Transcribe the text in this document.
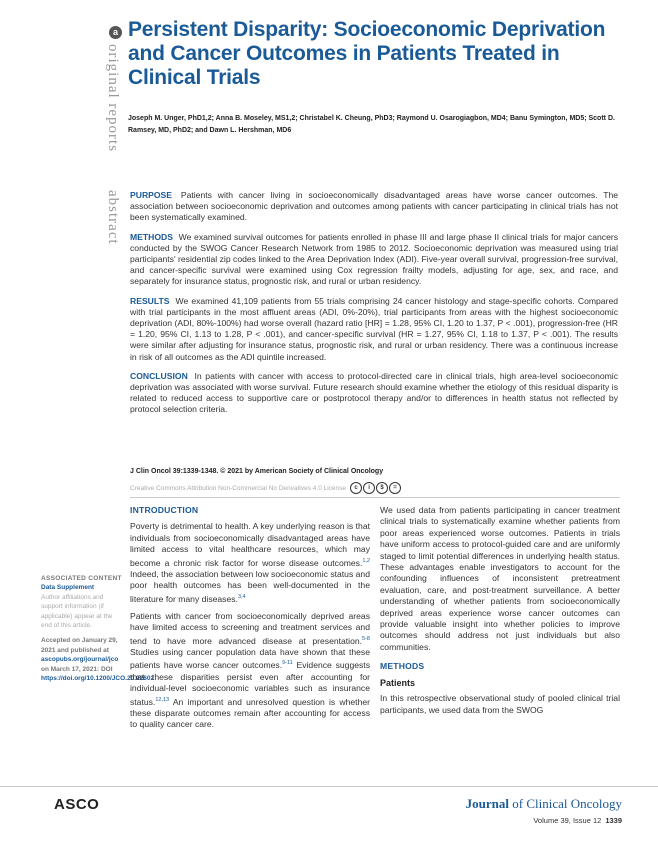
original reports
a Persistent Disparity: Socioeconomic Deprivation and Cancer Outcomes in Patients Treated in Clinical Trials
Joseph M. Unger, PhD1,2; Anna B. Moseley, MS1,2; Christabel K. Cheung, PhD3; Raymond U. Osarogiagbon, MD4; Banu Symington, MD5; Scott D. Ramsey, MD, PhD2; and Dawn L. Hershman, MD6
abstract PURPOSE Patients with cancer living in socioeconomically disadvantaged areas have worse cancer outcomes. The association between socioeconomic deprivation and outcomes among patients with cancer participating in clinical trials has not been systematically examined.

METHODS We examined survival outcomes for patients enrolled in phase III and large phase II clinical trials for major cancers conducted by the SWOG Cancer Research Network from 1985 to 2012. Socioeconomic deprivation was measured using trial participants' residential zip codes linked to the Area Deprivation Index (ADI). Five-year overall survival, progression-free survival, and cancer-specific survival were examined using Cox regression frailty models, adjusting for age, sex, and race, and separately for insurance status, prognostic risk, and rural or urban residency.

RESULTS We examined 41,109 patients from 55 trials comprising 24 cancer histology and stage-specific cohorts. Compared with trial participants in the most affluent areas (ADI, 0%-20%), trial participants from areas with the highest socioeconomic deprivation (ADI, 80%-100%) had worse overall (hazard ratio [HR] = 1.28, 95% CI, 1.20 to 1.37, P < .001), progression-free (HR = 1.20, 95% CI, 1.13 to 1.28, P < .001), and cancer-specific survival (HR = 1.27, 95% CI, 1.18 to 1.37, P < .001). The results were similar after adjusting for insurance status, prognostic risk, and rural or urban residency. There was a continuous increase in risk of all outcomes as the ADI quintile increased.

CONCLUSION In patients with cancer with access to protocol-directed care in clinical trials, high area-level socioeconomic deprivation was associated with worse survival. Future research should examine whether the etiology of this residual disparity is related to reduced access to supportive care or postprotocol therapy and/or to differences in health status not reflected by protocol selection criteria.

J Clin Oncol 39:1339-1348. © 2021 by American Society of Clinical Oncology
Creative Commons Attribution Non-Commercial No Derivatives 4.0 License	c	i	$	=
ASSOCIATED CONTENT
Data Supplement
Author affiliations and support information (if applicable) appear at the end of this article.
Accepted on January 29, 2021 and published at ascopubs.org/journal/jco on March 17, 2021: DOI https://doi.org/10.1200/JCO.20.02602
INTRODUCTION

Poverty is detrimental to health. A key underlying reason is that individuals from socioeconomically disadvantaged areas have limited access to vital healthcare resources, which may become a chronic risk factor for worse disease outcomes.$^{1,2}$ Indeed, the association between low socioeconomic status and poor health outcomes has been well-documented in the literature for many diseases.$^{3,4}$

Patients with cancer from socioeconomically deprived areas have limited access to screening and treatment services and tend to have more advanced disease at presentation.$^{5-8}$ Studies using cancer population data have shown that these patients have worse cancer outcomes.$^{9-11}$ Evidence suggests that these disparities persist even after accounting for individual-level socioeconomic variables such as insurance status.$^{12,13}$ An important and unresolved question is whether these disparate outcomes remain after accounting for access to quality cancer care.

We used data from patients participating in cancer treatment clinical trials to systematically examine whether patients from poor areas experienced worse outcomes. Patients in trials have uniform access to protocol-guided care and are uniformly staged to limit potential differences in underlying health status. These advantages enable investigators to account for the confounding influences of inconsistent pretreatment evaluation, care, and post-treatment surveillance. A better understanding of whether patients from socioeconomically deprived areas experience worse cancer outcomes can provide valuable insight into whether policies to improve outcomes should address not just individuals but also communities.

METHODS
Patients

In this retrospective observational study of pooled clinical trial participants, we used data from the SWOG

ASCO	Journal of Clinical Oncology
Volume 39, Issue 12 1339
